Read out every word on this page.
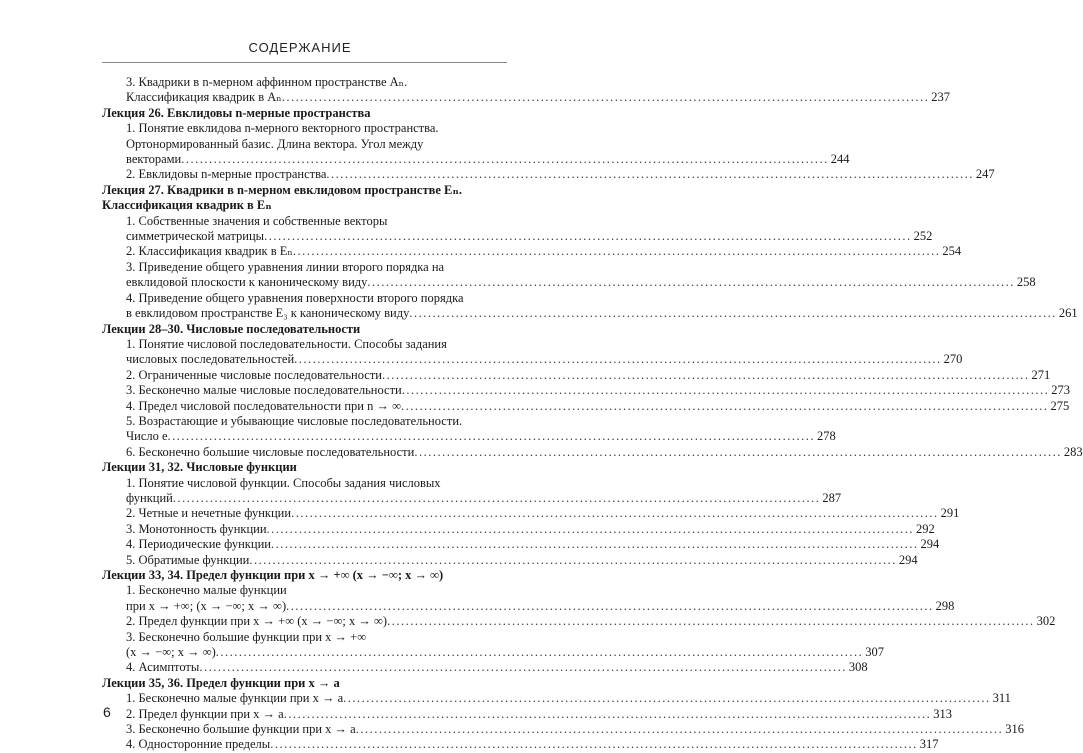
СОДЕРЖАНИЕ
3. Квадрики в n-мерном аффинном пространстве Aₙ.
Классификация квадрик в Aₙ .....	237
Лекция 26. Евклидовы n-мерные пространства
1. Понятие евклидова n-мерного векторного пространства.
Ортонормированный базис. Длина вектора. Угол между
векторами .....	244
2. Евклидовы n-мерные пространства .....	247
Лекция 27. Квадрики в n-мерном евклидовом пространстве Eₙ.
Классификация квадрик в Eₙ
1. Собственные значения и собственные векторы
симметрической матрицы .....	252
2. Классификация квадрик в Eₙ .....	254
3. Приведение общего уравнения линии второго порядка на
евклидовой плоскости к каноническому виду .....	258
4. Приведение общего уравнения поверхности второго порядка
в евклидовом пространстве E₃ к каноническому виду .....	261
Лекции 28–30. Числовые последовательности
1. Понятие числовой последовательности. Способы задания
числовых последовательностей .....	270
2. Ограниченные числовые последовательности .....	271
3. Бесконечно малые числовые последовательности .....	273
4. Предел числовой последовательности при n → ∞ .....	275
5. Возрастающие и убывающие числовые последовательности.
Число e .....	278
6. Бесконечно большие числовые последовательности .....	283
Лекции 31, 32. Числовые функции
1. Понятие числовой функции. Способы задания числовых
функций .....	287
2. Четные и нечетные функции .....	291
3. Монотонность функции .....	292
4. Периодические функции .....	294
5. Обратимые функции .....	294
Лекции 33, 34. Предел функции при x → +∞ (x → −∞; x → ∞)
1. Бесконечно малые функции
при x → +∞; (x → −∞; x → ∞) .....	298
2. Предел функции при x → +∞ (x → −∞; x → ∞) .....	302
3. Бесконечно большие функции при x → +∞
(x → −∞; x → ∞) .....	307
4. Асимптоты .....	308
Лекции 35, 36. Предел функции при x → a
1. Бесконечно малые функции при x → a .....	311
2. Предел функции при x → a .....	313
3. Бесконечно большие функции при x → a .....	316
4. Односторонние пределы .....	317
6
